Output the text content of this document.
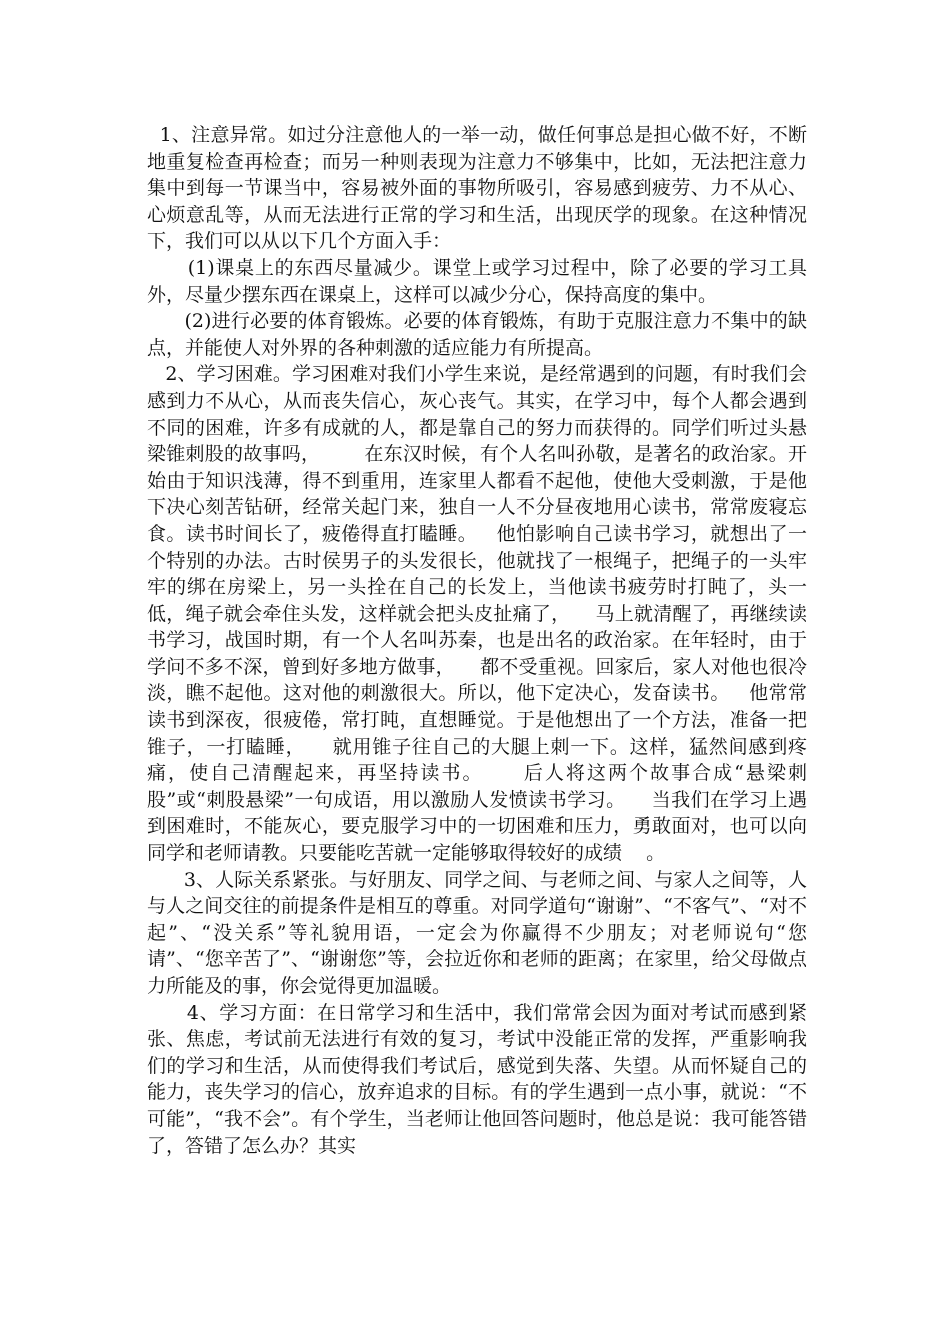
1、注意异常。如过分注意他人的一举一动，做任何事总是担心做不好，不断地重复检查再检查；而另一种则表现为注意力不够集中，比如，无法把注意力集中到每一节课当中，容易被外面的事物所吸引，容易感到疲劳、力不从心、心烦意乱等，从而无法进行正常的学习和生活，出现厌学的现象。在这种情况下，我们可以从以下几个方面入手：

(1)课桌上的东西尽量减少。课堂上或学习过程中，除了必要的学习工具外，尽量少摆东西在课桌上，这样可以减少分心，保持高度的集中。

(2)进行必要的体育锻炼。必要的体育锻炼，有助于克服注意力不集中的缺点，并能使人对外界的各种刺激的适应能力有所提高。

2、学习困难。学习困难对我们小学生来说，是经常遇到的问题，有时我们会感到力不从心，从而丧失信心，灰心丧气。其实，在学习中，每个人都会遇到不同的困难，许多有成就的人，都是靠自己的努力而获得的。同学们听过头悬梁锥刺股的故事吗，       在东汉时候，有个人名叫孙敬，是著名的政治家。开始由于知识浅薄，得不到重用，连家里人都看不起他，使他大受刺激，于是他下决心刻苦钻研，经常关起门来，独自一人不分昼夜地用心读书，常常废寝忘食。读书时间长了，疲倦得直打瞌睡。   他怕影响自己读书学习，就想出了一个特别的办法。古时侯男子的头发很长，他就找了一根绳子，把绳子的一头牢牢的绑在房梁上，另一头拴在自己的长发上，当他读书疲劳时打盹了，头一低，绳子就会牵住头发，这样就会把头皮扯痛了，    马上就清醒了，再继续读书学习，战国时期，有一个人名叫苏秦，也是出名的政治家。在年轻时，由于学问不多不深，曾到好多地方做事，    都不受重视。回家后，家人对他也很冷淡，瞧不起他。这对他的刺激很大。所以，他下定决心，发奋读书。   他常常读书到深夜，很疲倦，常打盹，直想睡觉。于是他想出了一个方法，准备一把锥子，一打瞌睡，    就用锥子往自己的大腿上刺一下。这样，猛然间感到疼痛，使自己清醒起来，再坚持读书。     后人将这两个故事合成“悬梁刺股”或“刺股悬梁”一句成语，用以激励人发愤读书学习。    当我们在学习上遇到困难时，不能灰心，要克服学习中的一切困难和压力，勇敢面对，也可以向同学和老师请教。只要能吃苦就一定能够取得较好的成绩    。

3、人际关系紧张。与好朋友、同学之间、与老师之间、与家人之间等，人与人之间交往的前提条件是相互的尊重。对同学道句“谢谢”、“不客气”、“对不起”、“没关系”等礼貌用语，一定会为你赢得不少朋友；对老师说句“您请”、“您辛苦了”、“谢谢您”等，会拉近你和老师的距离；在家里，给父母做点力所能及的事，你会觉得更加温暖。

4、学习方面：在日常学习和生活中，我们常常会因为面对考试而感到紧张、焦虑，考试前无法进行有效的复习，考试中没能正常的发挥，严重影响我们的学习和生活，从而使得我们考试后，感觉到失落、失望。从而怀疑自己的能力，丧失学习的信心，放弃追求的目标。有的学生遇到一点小事，就说：“不可能”，“我不会”。有个学生，当老师让他回答问题时，他总是说：我可能答错了，答错了怎么办？其实
